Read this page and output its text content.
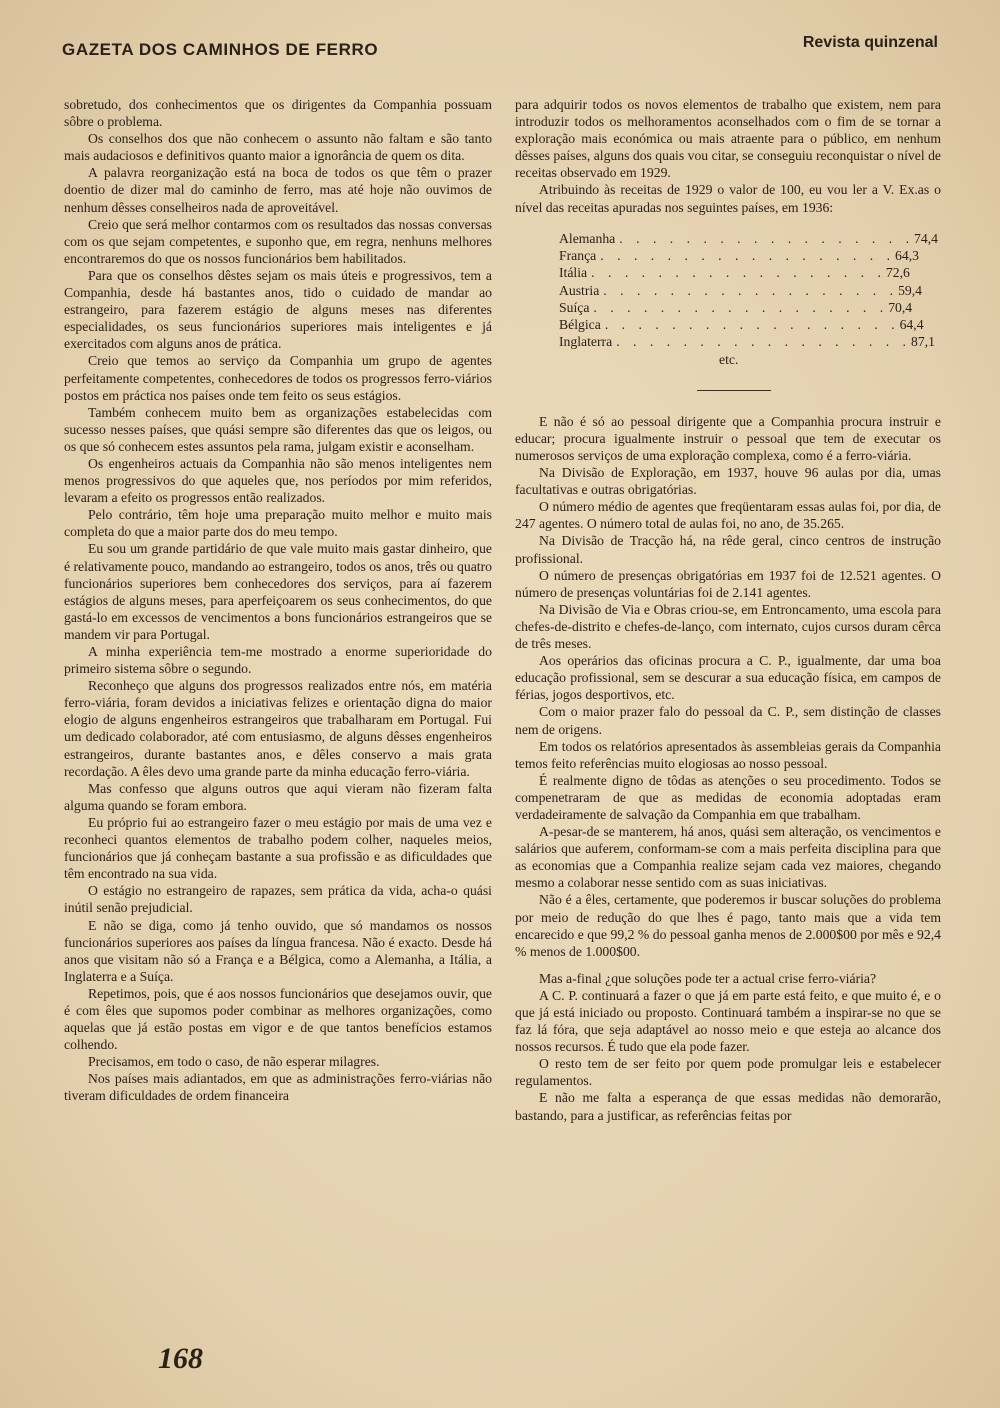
GAZETA DOS CAMINHOS DE FERRO	Revista quinzenal

sobretudo, dos conhecimentos que os dirigentes da Companhia possuam sôbre o problema.

Os conselhos dos que não conhecem o assunto não faltam e são tanto mais audaciosos e definitivos quanto maior a ignorância de quem os dita.

A palavra reorganização está na boca de todos os que têm o prazer doentio de dizer mal do caminho de ferro, mas até hoje não ouvimos de nenhum dêsses conselheiros nada de aproveitável.

Creio que será melhor contarmos com os resultados das nossas conversas com os que sejam competentes, e suponho que, em regra, nenhuns melhores encontraremos do que os nossos funcionários bem habilitados.

Para que os conselhos dêstes sejam os mais úteis e progressivos, tem a Companhia, desde há bastantes anos, tido o cuidado de mandar ao estrangeiro, para fazerem estágio de alguns meses nas diferentes especialidades, os seus funcionários superiores mais inteligentes e já exercitados com alguns anos de prática.

Creio que temos ao serviço da Companhia um grupo de agentes perfeitamente competentes, conhecedores de todos os progressos ferro-viários postos em práctica nos países onde tem feito os seus estágios.

Também conhecem muito bem as organizações estabelecidas com sucesso nesses países, que quási sempre são diferentes das que os leigos, ou os que só conhecem estes assuntos pela rama, julgam existir e aconselham.

Os engenheiros actuais da Companhia não são menos inteligentes nem menos progressivos do que aqueles que, nos períodos por mim referidos, levaram a efeito os progressos então realizados.

Pelo contrário, têm hoje uma preparação muito melhor e muito mais completa do que a maior parte dos do meu tempo.

Eu sou um grande partidário de que vale muito mais gastar dinheiro, que é relativamente pouco, mandando ao estrangeiro, todos os anos, três ou quatro funcionários superiores bem conhecedores dos serviços, para aí fazerem estágios de alguns meses, para aperfeiçoarem os seus conhecimentos, do que gastá-lo em excessos de vencimentos a bons funcionários estrangeiros que se mandem vir para Portugal.

A minha experiência tem-me mostrado a enorme superioridade do primeiro sistema sôbre o segundo.

Reconheço que alguns dos progressos realizados entre nós, em matéria ferro-viária, foram devidos a iniciativas felizes e orientação digna do maior elogio de alguns engenheiros estrangeiros que trabalharam em Portugal. Fui um dedicado colaborador, até com entusiasmo, de alguns dêsses engenheiros estrangeiros, durante bastantes anos, e dêles conservo a mais grata recordação. A êles devo uma grande parte da minha educação ferro-viária.

Mas confesso que alguns outros que aqui vieram não fizeram falta alguma quando se foram embora.

Eu próprio fui ao estrangeiro fazer o meu estágio por mais de uma vez e reconheci quantos elementos de trabalho podem colher, naqueles meios, funcionários que já conheçam bastante a sua profissão e as dificuldades que têm encontrado na sua vida.

O estágio no estrangeiro de rapazes, sem prática da vida, acha-o quási inútil senão prejudicial.

E não se diga, como já tenho ouvido, que só mandamos os nossos funcionários superiores aos países da língua francesa. Não é exacto. Desde há anos que visitam não só a França e a Bélgica, como a Alemanha, a Itália, a Inglaterra e a Suíça.

Repetimos, pois, que é aos nossos funcionários que desejamos ouvir, que é com êles que supomos poder combinar as melhores organizações, como aquelas que já estão postas em vigor e de que tantos benefícios estamos colhendo.

Precisamos, em todo o caso, de não esperar milagres.

Nos países mais adiantados, em que as administrações ferro-viárias não tiveram dificuldades de ordem financeira

para adquirir todos os novos elementos de trabalho que existem, nem para introduzir todos os melhoramentos aconselhados com o fim de se tornar a exploração mais económica ou mais atraente para o público, em nenhum dêsses países, alguns dos quais vou citar, se conseguiu reconquistar o nível de receitas observado em 1929.

Atribuindo às receitas de 1929 o valor de 100, eu vou ler a V. Ex.as o nível das receitas apuradas nos seguintes países, em 1936:

Alemanha . . . . . . . . . . . . . . . . . . 74,4
França . . . . . . . . . . . . . . . . . . 64,3
Itália . . . . . . . . . . . . . . . . . . 72,6
Austria . . . . . . . . . . . . . . . . . . 59,4
Suíça . . . . . . . . . . . . . . . . . . 70,4
Bélgica . . . . . . . . . . . . . . . . . . 64,4
Inglaterra . . . . . . . . . . . . . . . . . . 87,1
etc.

E não é só ao pessoal dirigente que a Companhia procura instruir e educar; procura igualmente instruir o pessoal que tem de executar os numerosos serviços de uma exploração complexa, como é a ferro-viária.

Na Divisão de Exploração, em 1937, houve 96 aulas por dia, umas facultativas e outras obrigatórias.

O número médio de agentes que freqüentaram essas aulas foi, por dia, de 247 agentes. O número total de aulas foi, no ano, de 35.265.

Na Divisão de Tracção há, na rêde geral, cinco centros de instrução profissional.

O número de presenças obrigatórias em 1937 foi de 12.521 agentes. O número de presenças voluntárias foi de 2.141 agentes.

Na Divisão de Via e Obras criou-se, em Entroncamento, uma escola para chefes-de-distrito e chefes-de-lanço, com internato, cujos cursos duram cêrca de três meses.

Aos operários das oficinas procura a C. P., igualmente, dar uma boa educação profissional, sem se descurar a sua educação física, em campos de férias, jogos desportivos, etc.

Com o maior prazer falo do pessoal da C. P., sem distinção de classes nem de origens.

Em todos os relatórios apresentados às assembleias gerais da Companhia temos feito referências muito elogiosas ao nosso pessoal.

É realmente digno de tôdas as atenções o seu procedimento. Todos se compenetraram de que as medidas de economia adoptadas eram verdadeiramente de salvação da Companhia em que trabalham.

A-pesar-de se manterem, há anos, quási sem alteração, os vencimentos e salários que auferem, conformam-se com a mais perfeita disciplina para que as economias que a Companhia realize sejam cada vez maiores, chegando mesmo a colaborar nesse sentido com as suas iniciativas.

Não é a êles, certamente, que poderemos ir buscar soluções do problema por meio de redução do que lhes é pago, tanto mais que a vida tem encarecido e que 99,2 % do pessoal ganha menos de 2.000$00 por mês e 92,4 % menos de 1.000$00.

Mas a-final ¿que soluções pode ter a actual crise ferro-viária?

A C. P. continuará a fazer o que já em parte está feito, e que muito é, e o que já está iniciado ou proposto. Continuará também a inspirar-se no que se faz lá fóra, que seja adaptável ao nosso meio e que esteja ao alcance dos nossos recursos. É tudo que ela pode fazer.

O resto tem de ser feito por quem pode promulgar leis e estabelecer regulamentos.

E não me falta a esperança de que essas medidas não demorarão, bastando, para a justificar, as referências feitas por

168
